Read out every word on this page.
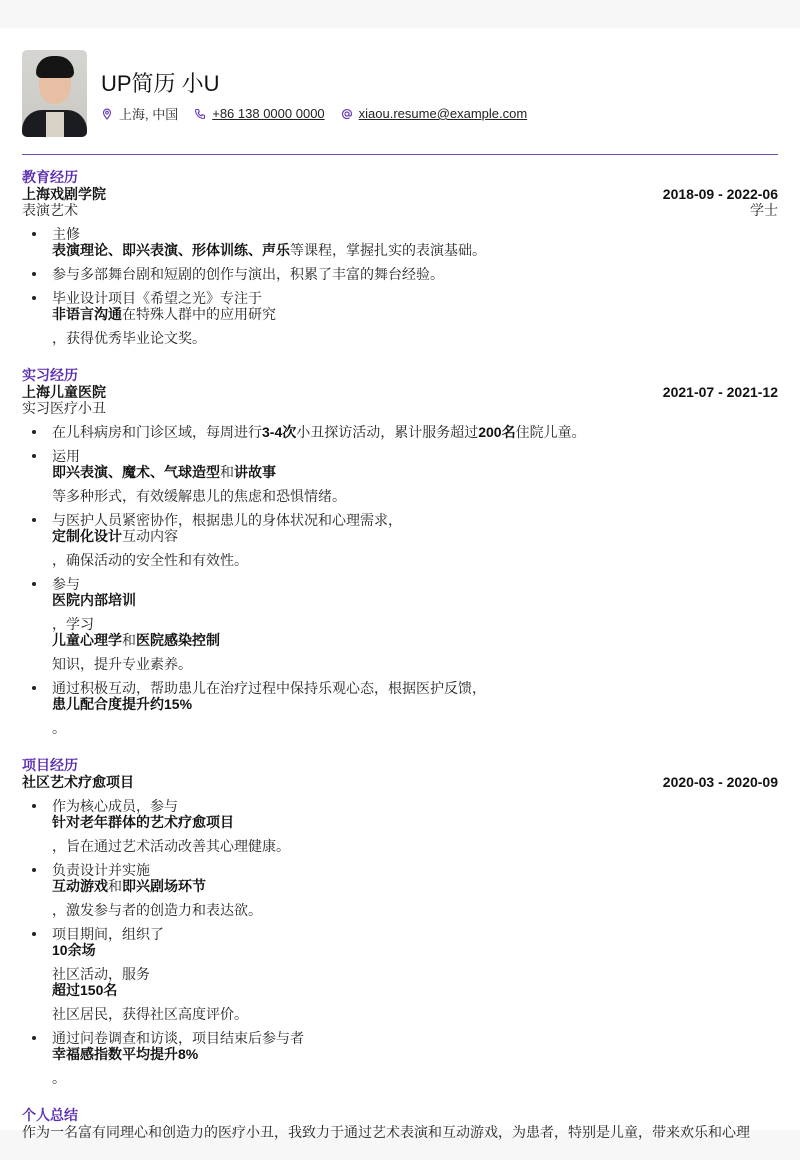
UP简历 小U
上海, 中国	+86 138 0000 0000	xiaou.resume@example.com
教育经历
上海戏剧学院	2018-09 - 2022-06
表演艺术	学士
主修
表演理论、即兴表演、形体训练、声乐等课程，掌握扎实的表演基础。
参与多部舞台剧和短剧的创作与演出，积累了丰富的舞台经验。
毕业设计项目《希望之光》专注于
非语言沟通在特殊人群中的应用研究
，获得优秀毕业论文奖。
实习经历
上海儿童医院	2021-07 - 2021-12
实习医疗小丑
在儿科病房和门诊区域，每周进行3-4次小丑探访活动，累计服务超过200名住院儿童。
运用
即兴表演、魔术、气球造型和讲故事
等多种形式，有效缓解患儿的焦虑和恐惧情绪。
与医护人员紧密协作，根据患儿的身体状况和心理需求，
定制化设计互动内容
，确保活动的安全性和有效性。
参与
医院内部培训
，学习
儿童心理学和医院感染控制
知识，提升专业素养。
通过积极互动，帮助患儿在治疗过程中保持乐观心态，根据医护反馈，
患儿配合度提升约15%
。
项目经历
社区艺术疗愈项目	2020-03 - 2020-09
作为核心成员，参与
针对老年群体的艺术疗愈项目
，旨在通过艺术活动改善其心理健康。
负责设计并实施
互动游戏和即兴剧场环节
，激发参与者的创造力和表达欲。
项目期间，组织了
10余场
社区活动，服务
超过150名
社区居民，获得社区高度评价。
通过问卷调查和访谈，项目结束后参与者
幸福感指数平均提升8%
。
个人总结
作为一名富有同理心和创造力的医疗小丑，我致力于通过艺术表演和互动游戏，为患者，特别是儿童，带来欢乐和心理
